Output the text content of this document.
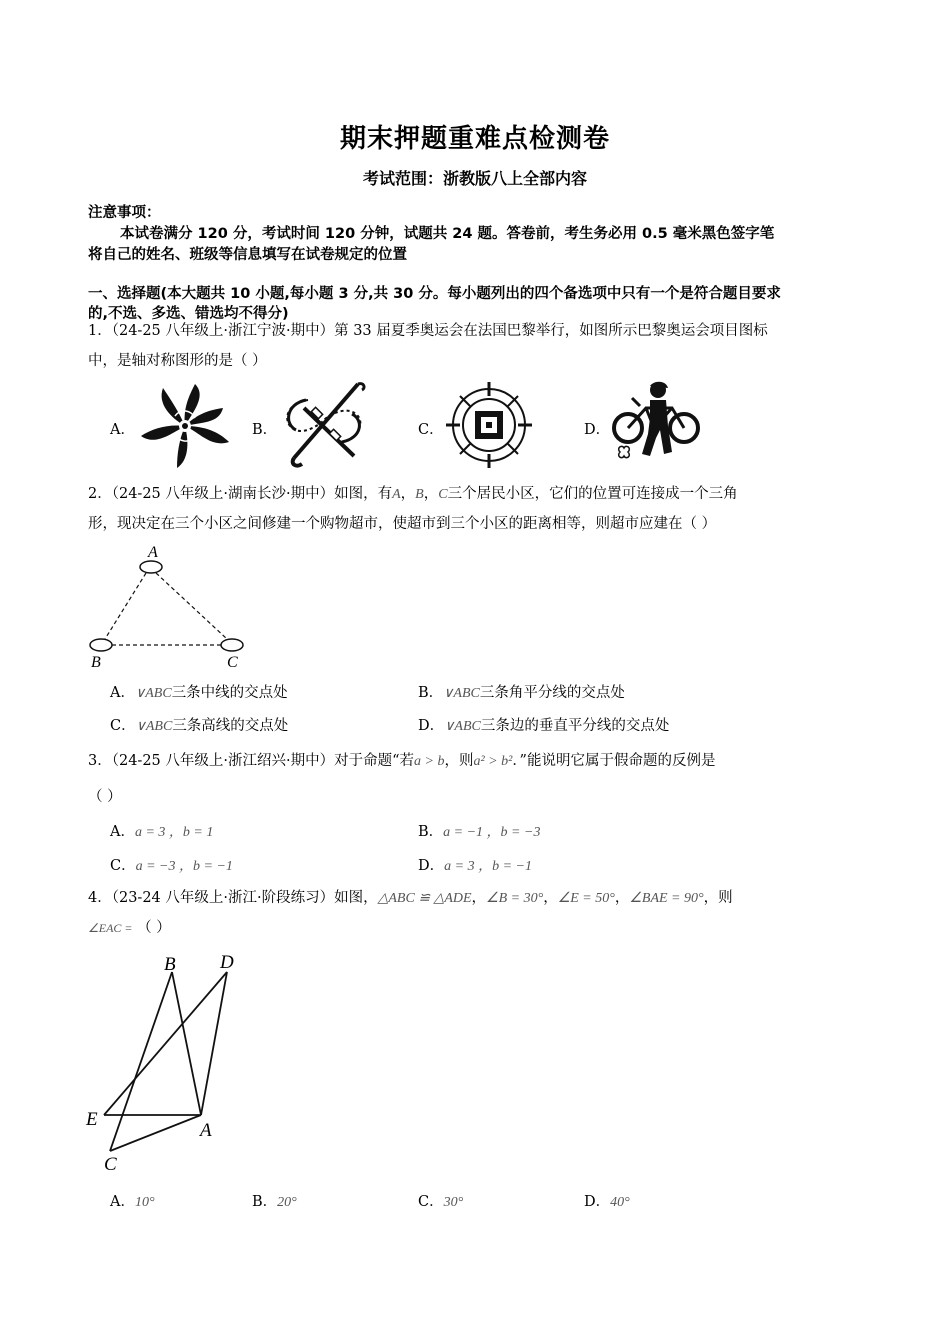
期末押题重难点检测卷
考试范围：浙教版八上全部内容
注意事项：
本试卷满分 120 分，考试时间 120 分钟，试题共 24 题。答卷前，考生务必用 0.5 毫米黑色签字笔
将自己的姓名、班级等信息填写在试卷规定的位置
一、选择题(本大题共 10 小题,每小题 3 分,共 30 分。每小题列出的四个备选项中只有一个是符合题目要求
的,不选、多选、错选均不得分)
1．（24-25 八年级上·浙江宁波·期中）第 33 届夏季奥运会在法国巴黎举行，如图所示巴黎奥运会项目图标
中，是轴对称图形的是（ ）
A．	B．	C．	D．
2．（24-25 八年级上·湖南长沙·期中）如图，有A，B，C三个居民小区，它们的位置可连接成一个三角
形，现决定在三个小区之间修建一个购物超市，使超市到三个小区的距离相等，则超市应建在（ ）
A
B	C
A．∨ABC三条中线的交点处	B．∨ABC三条角平分线的交点处
C．∨ABC三条高线的交点处	D．∨ABC三条边的垂直平分线的交点处
3．（24-25 八年级上·浙江绍兴·期中）对于命题“若a > b，则a² > b²．”能说明它属于假命题的反例是
（ ）
A．a = 3 ，b = 1	B．a = −1 ，b = −3
C．a = −3 ，b = −1	D．a = 3 ，b = −1
4．（23-24 八年级上·浙江·阶段练习）如图，△ABC ≌ △ADE，∠B = 30°，∠E = 50°，∠BAE = 90°，则
∠EAC = （ ）
B D
E
A
C
A．10°	B．20°	C．30°	D．40°
